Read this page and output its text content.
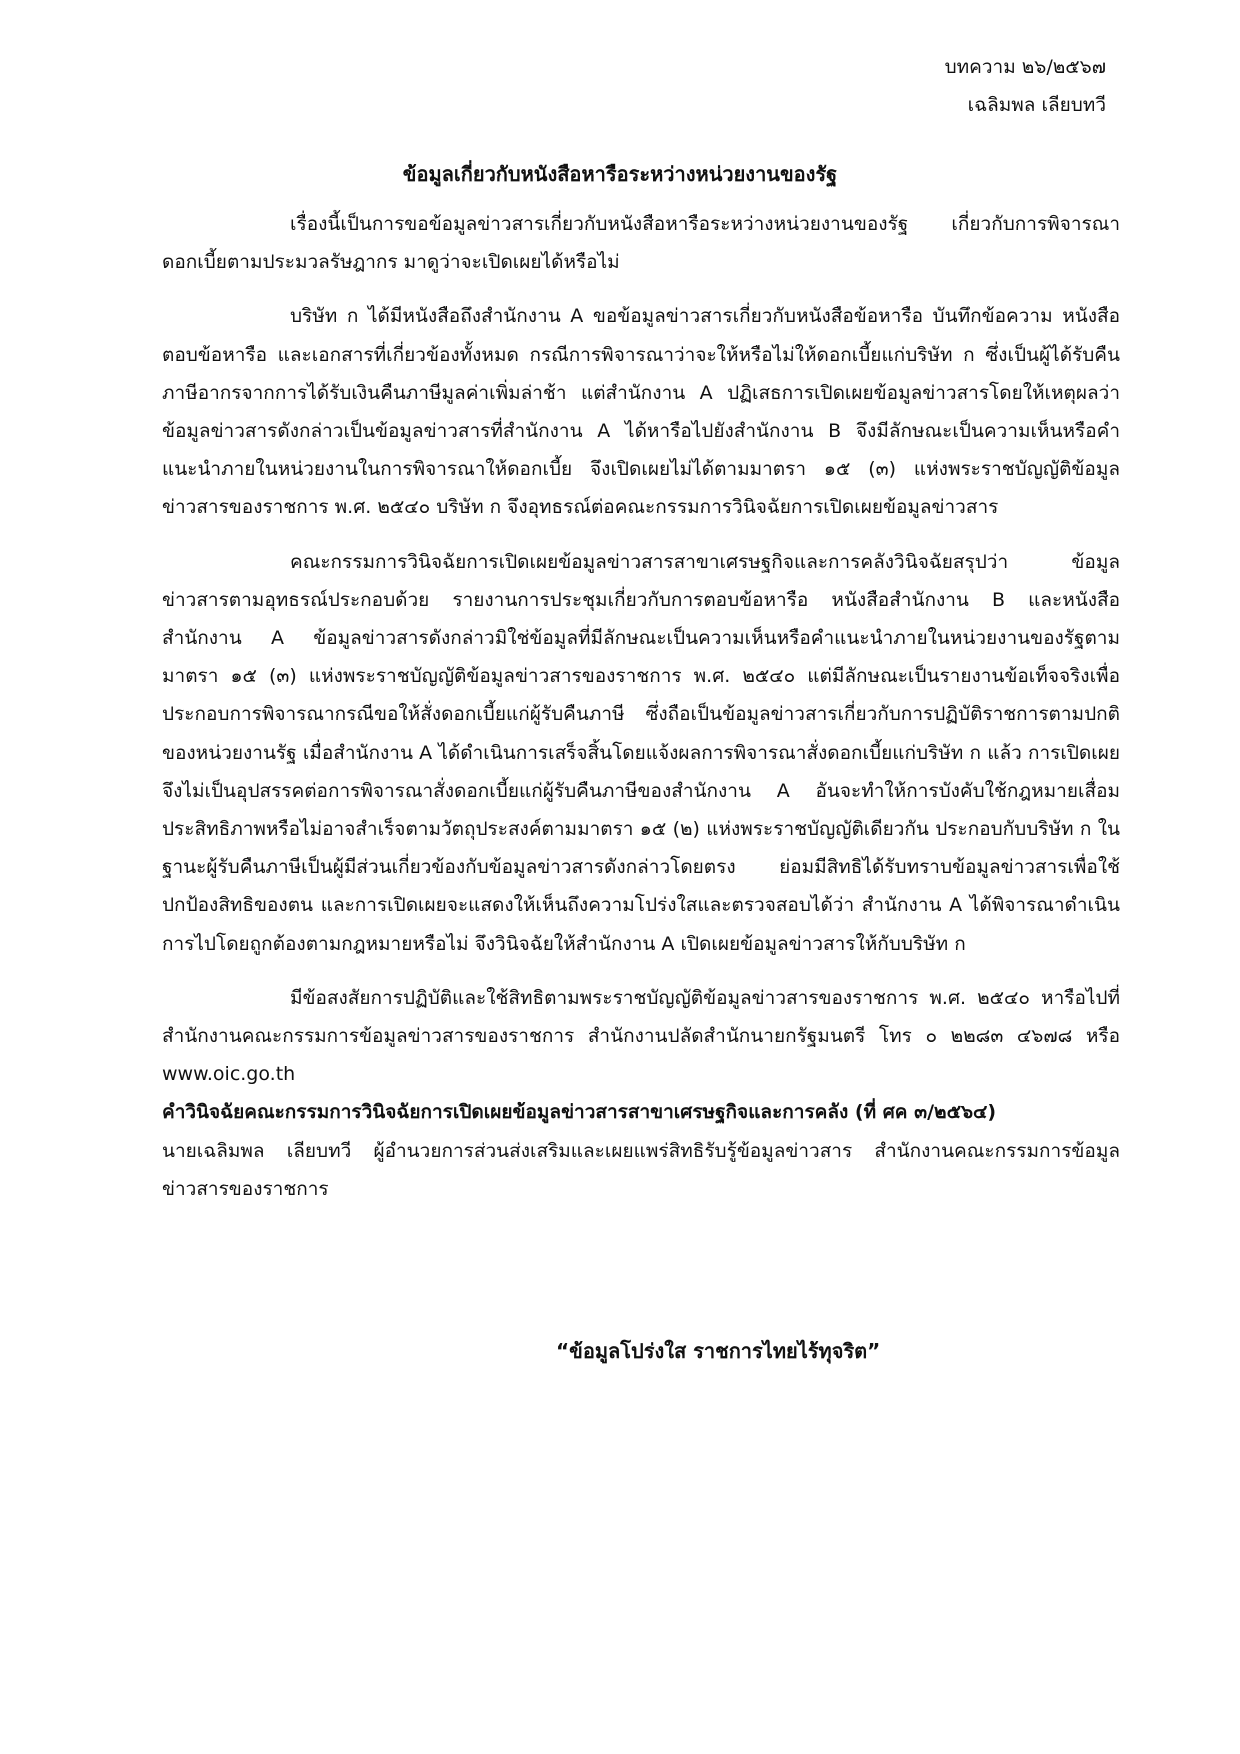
บทความ ๒๖/๒๕๖๗
เฉลิมพล เลียบทวี
ข้อมูลเกี่ยวกับหนังสือหารือระหว่างหน่วยงานของรัฐ

เรื่องนี้เป็นการขอข้อมูลข่าวสารเกี่ยวกับหนังสือหารือระหว่างหน่วยงานของรัฐ เกี่ยวกับการพิจารณาดอกเบี้ยตามประมวลรัษฎากร มาดูว่าจะเปิดเผยได้หรือไม่

บริษัท ก ได้มีหนังสือถึงสำนักงาน A ขอข้อมูลข่าวสารเกี่ยวกับหนังสือข้อหารือ บันทึกข้อความ หนังสือตอบข้อหารือ และเอกสารที่เกี่ยวข้องทั้งหมด กรณีการพิจารณาว่าจะให้หรือไม่ให้ดอกเบี้ยแก่บริษัท ก ซึ่งเป็นผู้ได้รับคืนภาษีอากรจากการได้รับเงินคืนภาษีมูลค่าเพิ่มล่าช้า แต่สำนักงาน A ปฏิเสธการเปิดเผยข้อมูลข่าวสารโดยให้เหตุผลว่า ข้อมูลข่าวสารดังกล่าวเป็นข้อมูลข่าวสารที่สำนักงาน A ได้หารือไปยังสำนักงาน B จึงมีลักษณะเป็นความเห็นหรือคำแนะนำภายในหน่วยงานในการพิจารณาให้ดอกเบี้ย จึงเปิดเผยไม่ได้ตามมาตรา ๑๕ (๓) แห่งพระราชบัญญัติข้อมูลข่าวสารของราชการ พ.ศ. ๒๕๔๐ บริษัท ก จึงอุทธรณ์ต่อคณะกรรมการวินิจฉัยการเปิดเผยข้อมูลข่าวสาร

คณะกรรมการวินิจฉัยการเปิดเผยข้อมูลข่าวสารสาขาเศรษฐกิจและการคลังวินิจฉัยสรุปว่า ข้อมูลข่าวสารตามอุทธรณ์ประกอบด้วย รายงานการประชุมเกี่ยวกับการตอบข้อหารือ หนังสือสำนักงาน B และหนังสือสำนักงาน A ข้อมูลข่าวสารดังกล่าวมิใช่ข้อมูลที่มีลักษณะเป็นความเห็นหรือคำแนะนำภายในหน่วยงานของรัฐตามมาตรา ๑๕ (๓) แห่งพระราชบัญญัติข้อมูลข่าวสารของราชการ พ.ศ. ๒๕๔๐ แต่มีลักษณะเป็นรายงานข้อเท็จจริงเพื่อประกอบการพิจารณากรณีขอให้สั่งดอกเบี้ยแก่ผู้รับคืนภาษี ซึ่งถือเป็นข้อมูลข่าวสารเกี่ยวกับการปฏิบัติราชการตามปกติของหน่วยงานรัฐ เมื่อสำนักงาน A ได้ดำเนินการเสร็จสิ้นโดยแจ้งผลการพิจารณาสั่งดอกเบี้ยแก่บริษัท ก แล้ว การเปิดเผยจึงไม่เป็นอุปสรรคต่อการพิจารณาสั่งดอกเบี้ยแก่ผู้รับคืนภาษีของสำนักงาน A อันจะทำให้การบังคับใช้กฎหมายเสื่อมประสิทธิภาพหรือไม่อาจสำเร็จตามวัตถุประสงค์ตามมาตรา ๑๕ (๒) แห่งพระราชบัญญัติเดียวกัน ประกอบกับบริษัท ก ในฐานะผู้รับคืนภาษีเป็นผู้มีส่วนเกี่ยวข้องกับข้อมูลข่าวสารดังกล่าวโดยตรง ย่อมมีสิทธิได้รับทราบข้อมูลข่าวสารเพื่อใช้ปกป้องสิทธิของตน และการเปิดเผยจะแสดงให้เห็นถึงความโปร่งใสและตรวจสอบได้ว่า สำนักงาน A ได้พิจารณาดำเนินการไปโดยถูกต้องตามกฎหมายหรือไม่ จึงวินิจฉัยให้สำนักงาน A เปิดเผยข้อมูลข่าวสารให้กับบริษัท ก

มีข้อสงสัยการปฏิบัติและใช้สิทธิตามพระราชบัญญัติข้อมูลข่าวสารของราชการ พ.ศ. ๒๕๔๐ หารือไปที่สำนักงานคณะกรรมการข้อมูลข่าวสารของราชการ สำนักงานปลัดสำนักนายกรัฐมนตรี โทร ๐ ๒๒๘๓ ๔๖๗๘ หรือ www.oic.go.th

คำวินิจฉัยคณะกรรมการวินิจฉัยการเปิดเผยข้อมูลข่าวสารสาขาเศรษฐกิจและการคลัง (ที่ ศค ๓/๒๕๖๔)

นายเฉลิมพล เลียบทวี ผู้อำนวยการส่วนส่งเสริมและเผยแพร่สิทธิรับรู้ข้อมูลข่าวสาร สำนักงานคณะกรรมการข้อมูลข่าวสารของราชการ

“ข้อมูลโปร่งใส ราชการไทยไร้ทุจริต”
